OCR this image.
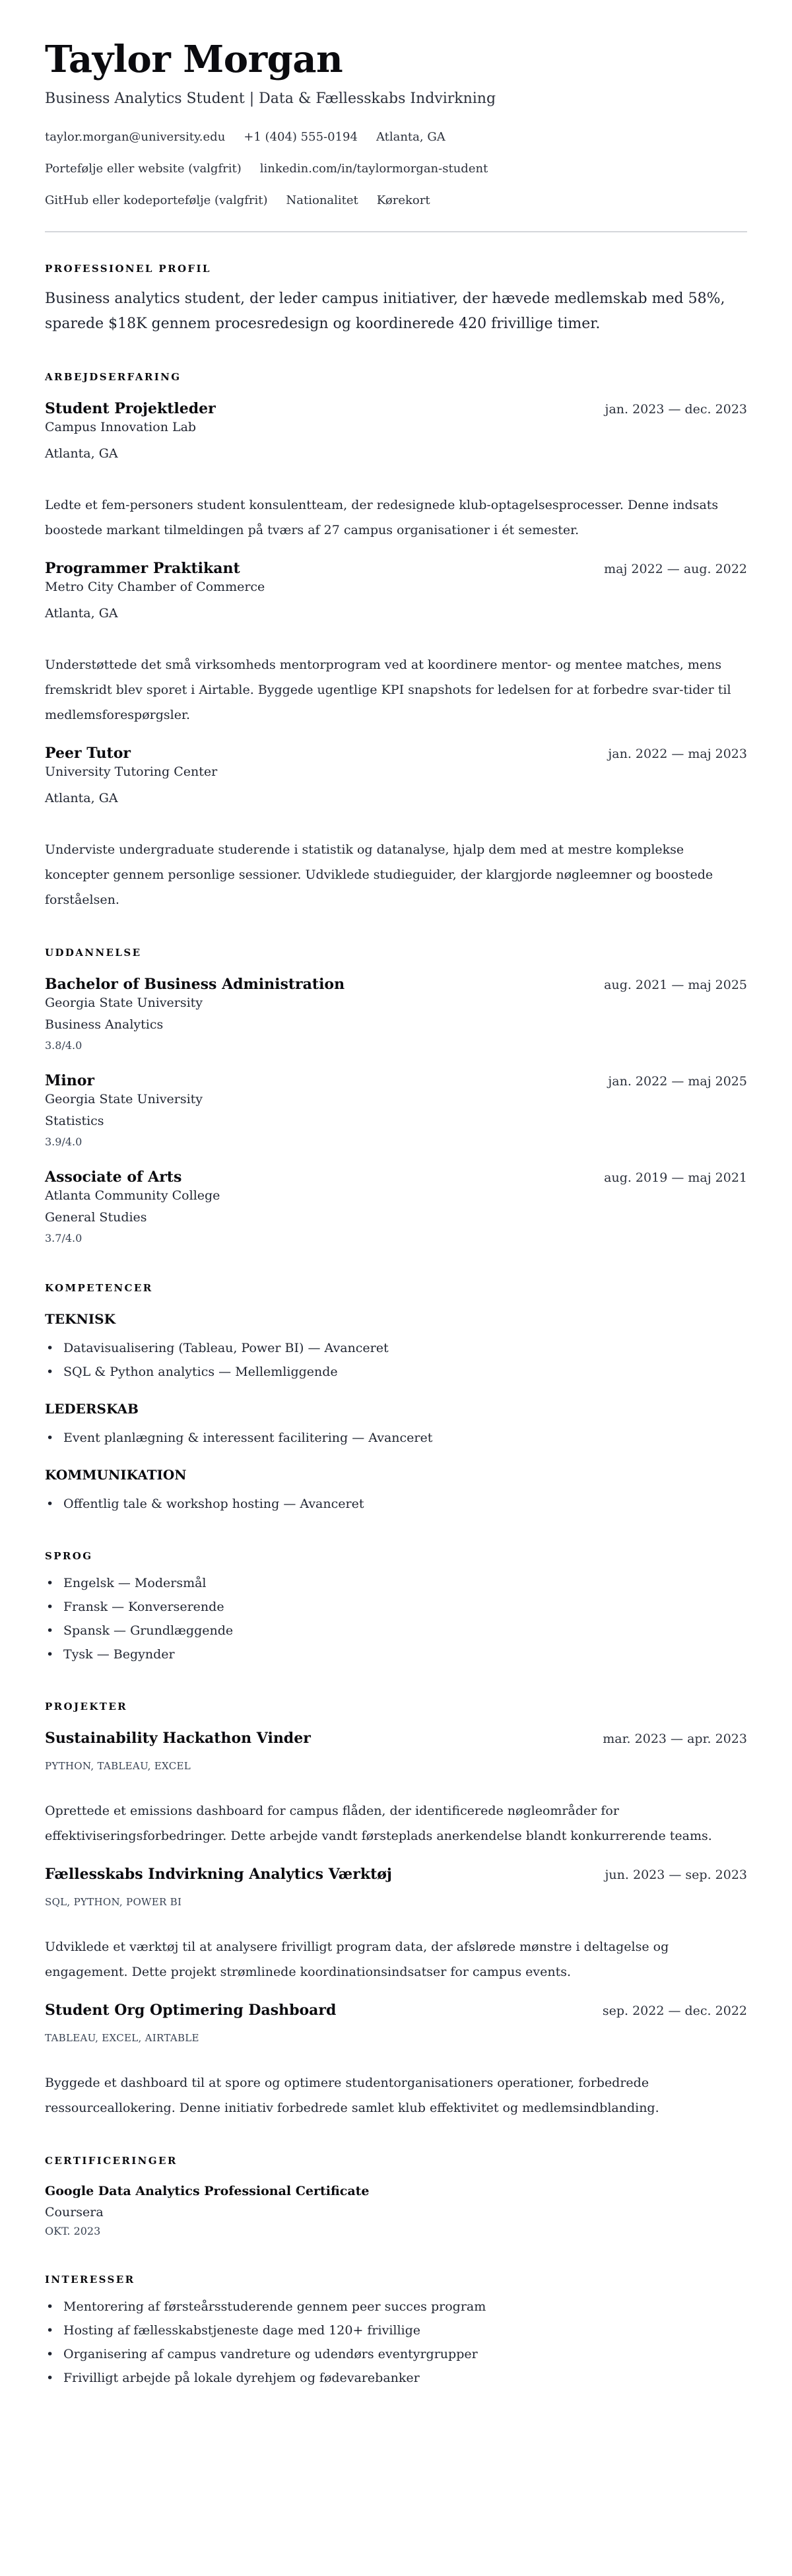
Taylor Morgan
Business Analytics Student | Data & Fællesskabs Indvirkning
taylor.morgan@university.edu +1 (404) 555-0194 Atlanta, GA
Portefølje eller website (valgfrit) linkedin.com/in/taylormorgan-student
GitHub eller kodeportefølje (valgfrit) Nationalitet Kørekort
PROFESSIONEL PROFIL
Business analytics student, der leder campus initiativer, der hævede medlemskab med 58%, sparede $18K gennem procesredesign og koordinerede 420 frivillige timer.
ARBEJDSERFARING
Student Projektleder	jan. 2023 — dec. 2023
Campus Innovation Lab
Atlanta, GA
Ledte et fem-personers student konsulentteam, der redesignede klub-optagelsesprocesser. Denne indsats boostede markant tilmeldingen på tværs af 27 campus organisationer i ét semester.
Programmer Praktikant	maj 2022 — aug. 2022
Metro City Chamber of Commerce
Atlanta, GA
Understøttede det små virksomheds mentorprogram ved at koordinere mentor- og mentee matches, mens fremskridt blev sporet i Airtable. Byggede ugentlige KPI snapshots for ledelsen for at forbedre svar-tider til medlemsforespørgsler.
Peer Tutor	jan. 2022 — maj 2023
University Tutoring Center
Atlanta, GA
Underviste undergraduate studerende i statistik og datanalyse, hjalp dem med at mestre komplekse koncepter gennem personlige sessioner. Udviklede studieguider, der klargjorde nøgleemner og boostede forståelsen.
UDDANNELSE
Bachelor of Business Administration	aug. 2021 — maj 2025
Georgia State University
Business Analytics
3.8/4.0
Minor	jan. 2022 — maj 2025
Georgia State University
Statistics
3.9/4.0
Associate of Arts	aug. 2019 — maj 2021
Atlanta Community College
General Studies
3.7/4.0
KOMPETENCER
TEKNISK
• Datavisualisering (Tableau, Power BI) — Avanceret
• SQL & Python analytics — Mellemliggende
LEDERSKAB
• Event planlægning & interessent facilitering — Avanceret
KOMMUNIKATION
• Offentlig tale & workshop hosting — Avanceret
SPROG
• Engelsk — Modersmål
• Fransk — Konverserende
• Spansk — Grundlæggende
• Tysk — Begynder
PROJEKTER
Sustainability Hackathon Vinder	mar. 2023 — apr. 2023
PYTHON, TABLEAU, EXCEL
Oprettede et emissions dashboard for campus flåden, der identificerede nøgleområder for effektiviseringsforbedringer. Dette arbejde vandt førsteplads anerkendelse blandt konkurrerende teams.
Fællesskabs Indvirkning Analytics Værktøj	jun. 2023 — sep. 2023
SQL, PYTHON, POWER BI
Udviklede et værktøj til at analysere frivilligt program data, der afslørede mønstre i deltagelse og engagement. Dette projekt strømlinede koordinationsindsatser for campus events.
Student Org Optimering Dashboard	sep. 2022 — dec. 2022
TABLEAU, EXCEL, AIRTABLE
Byggede et dashboard til at spore og optimere studentorganisationers operationer, forbedrede ressourceallokering. Denne initiativ forbedrede samlet klub effektivitet og medlemsindblanding.
CERTIFICERINGER
Google Data Analytics Professional Certificate
Coursera
OKT. 2023
INTERESSER
• Mentorering af førsteårsstuderende gennem peer succes program
• Hosting af fællesskabstjeneste dage med 120+ frivillige
• Organisering af campus vandreture og udendørs eventyrgrupper
• Frivilligt arbejde på lokale dyrehjem og fødevarebanker
